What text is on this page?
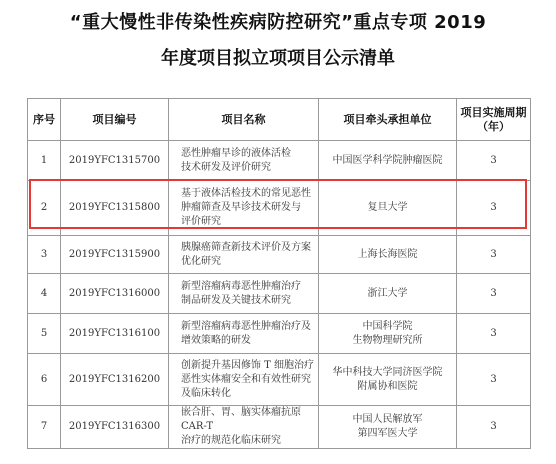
“重大慢性非传染性疾病防控研究”重点专项 2019
年度项目拟立项项目公示清单
序号	项目编号	项目名称	项目牵头承担单位	项目实施周期
（年）

1	2019YFC1315700	恶性肿瘤早诊的液体活检
技术研发及评价研究	中国医学科学院肿瘤医院	3
2	2019YFC1315800	基于液体活检技术的常见恶性
肿瘤筛查及早诊技术研发与
评价研究	复旦大学	3
3	2019YFC1315900	胰腺癌筛查新技术评价及方案
优化研究	上海长海医院	3
4	2019YFC1316000	新型溶瘤病毒恶性肿瘤治疗
制品研发及关键技术研究	浙江大学	3
5	2019YFC1316100	新型溶瘤病毒恶性肿瘤治疗及
增效策略的研发	中国科学院
生物物理研究所	3
6	2019YFC1316200	创新提升基因修饰 T 细胞治疗
恶性实体瘤安全和有效性研究
及临床转化	华中科技大学同济医学院
附属协和医院	3
7	2019YFC1316300	嵌合肝、胃、脑实体瘤抗原 CAR-T
治疗的规范化临床研究	中国人民解放军
第四军医大学	3
